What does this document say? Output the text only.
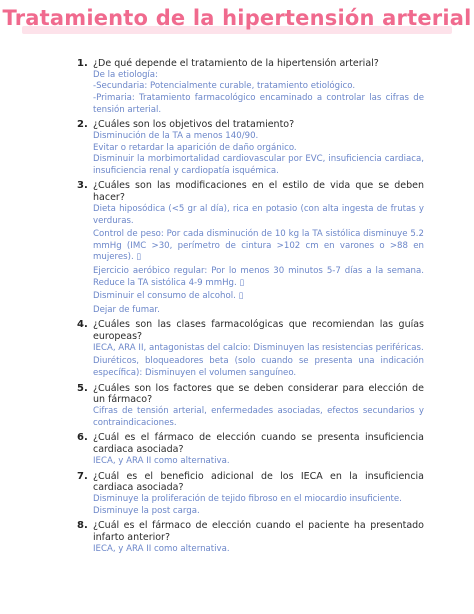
Tratamiento de la hipertensión arterial
1. ¿De qué depende el tratamiento de la hipertensión arterial?
De la etiología:
-Secundaria: Potencialmente curable, tratamiento etiológico.
-Primaria: Tratamiento farmacológico encaminado a controlar las cifras de tensión arterial.
2. ¿Cuáles son los objetivos del tratamiento?
Disminución de la TA a menos 140/90.
Evitar o retardar la aparición de daño orgánico.
Disminuir la morbimortalidad cardiovascular por EVC, insuficiencia cardiaca, insuficiencia renal y cardiopatía isquémica.
3. ¿Cuáles son las modificaciones en el estilo de vida que se deben hacer?
Dieta hiposódica (<5 gr al día), rica en potasio (con alta ingesta de frutas y verduras.
Control de peso: Por cada disminución de 10 kg la TA sistólica disminuye 5.2 mmHg (IMC >30, perímetro de cintura >102 cm en varones o >88 en mujeres). ▯
Ejercicio aeróbico regular: Por lo menos 30 minutos 5-7 días a la semana. Reduce la TA sistólica 4-9 mmHg. ▯
Disminuir el consumo de alcohol. ▯
Dejar de fumar.
4. ¿Cuáles son las clases farmacológicas que recomiendan las guías europeas?
IECA, ARA II, antagonistas del calcio: Disminuyen las resistencias periféricas.
Diuréticos, bloqueadores beta (solo cuando se presenta una indicación específica): Disminuyen el volumen sanguíneo.
5. ¿Cuáles son los factores que se deben considerar para elección de un fármaco?
Cifras de tensión arterial, enfermedades asociadas, efectos secundarios y contraindicaciones.
6. ¿Cuál es el fármaco de elección cuando se presenta insuficiencia cardiaca asociada?
IECA, y ARA II como alternativa.
7. ¿Cuál es el beneficio adicional de los IECA en la insuficiencia cardiaca asociada?
Disminuye la proliferación de tejido fibroso en el miocardio insuficiente.
Disminuye la post carga.
8. ¿Cuál es el fármaco de elección cuando el paciente ha presentado infarto anterior?
IECA, y ARA II como alternativa.
